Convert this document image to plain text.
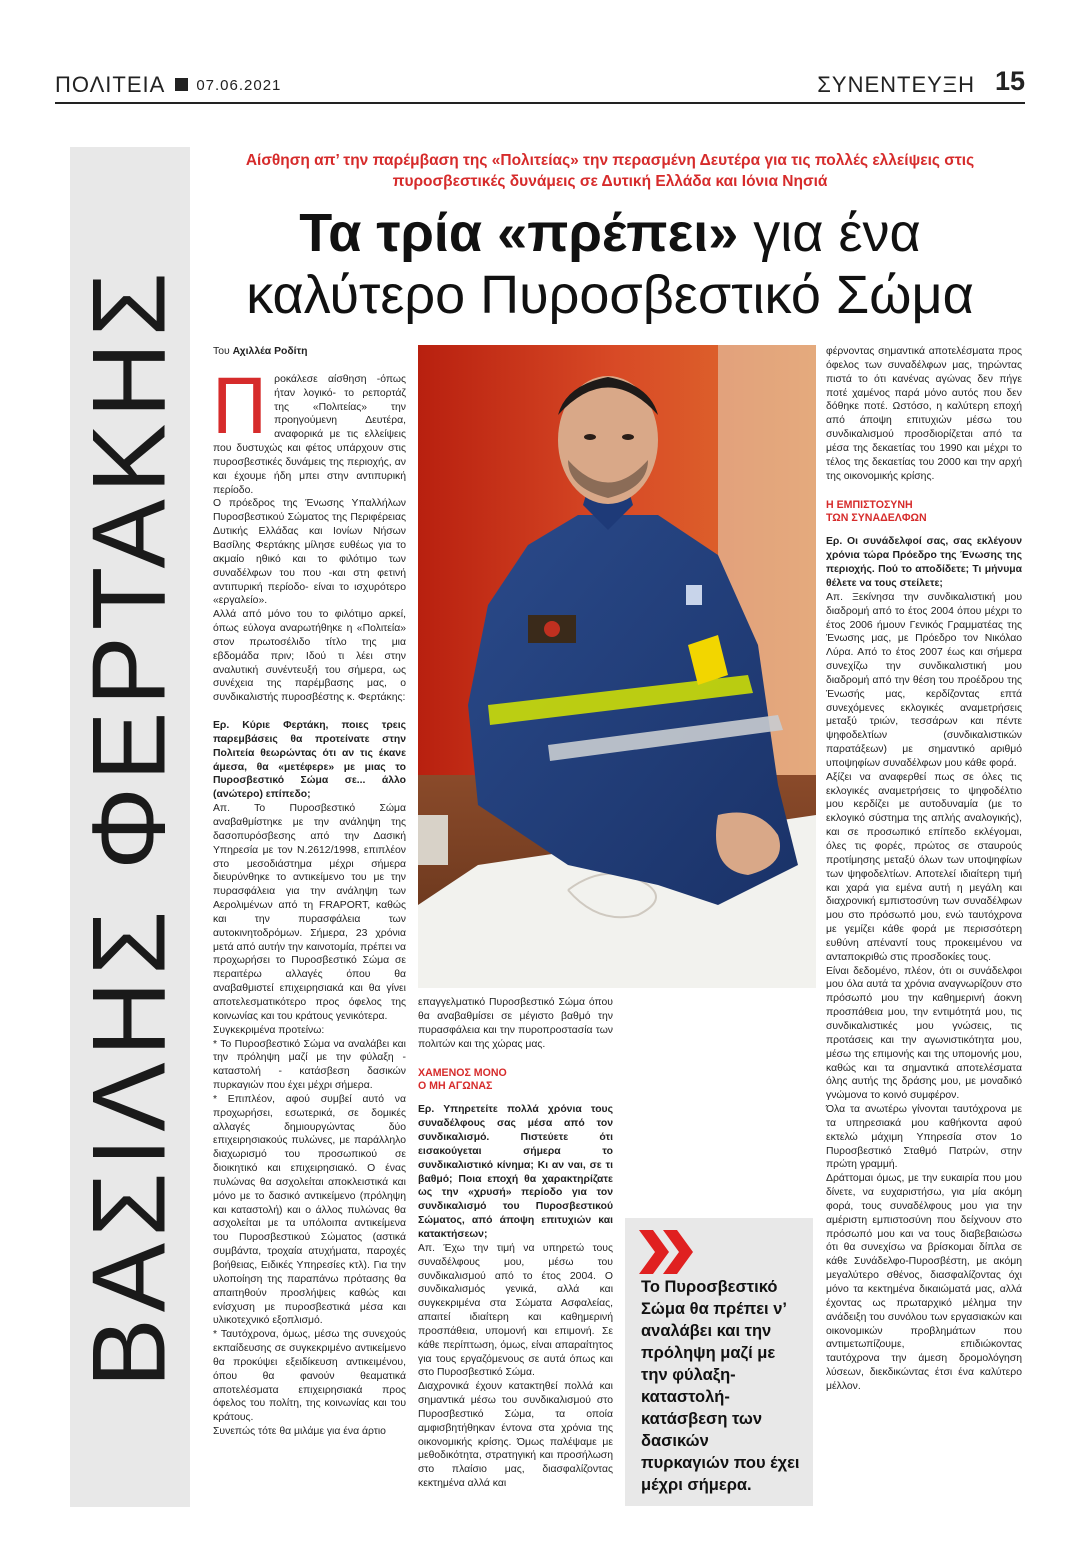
ΠΟΛΙΤΕΙΑ 07.06.2021	ΣΥΝΕΝΤΕΥΞΗ 15
ΒΑΣΙΛΗΣ ΦΕΡΤΑΚΗΣ
Αίσθηση απ’ την παρέμβαση της «Πολιτείας» την περασμένη Δευτέρα για τις πολλές ελλείψεις στις
πυροσβεστικές δυνάμεις σε Δυτική Ελλάδα και Ιόνια Νησιά
Τα τρία «πρέπει» για ένα
καλύτερο Πυροσβεστικό Σώμα

Του Αχιλλέα Ροδίτη

Προκάλεσε αίσθηση -όπως ήταν λογικό- το ρεπορτάζ της «Πολιτείας» την προηγούμενη Δευτέρα, αναφορικά με τις ελλείψεις που δυστυχώς και φέτος υπάρχουν στις πυροσβεστικές δυνάμεις της περιοχής, αν και έχουμε ήδη μπει στην αντιπυρική περίοδο.

Ο πρόεδρος της Ένωσης Υπαλλήλων Πυροσβεστικού Σώματος της Περιφέρειας Δυτικής Ελλάδας και Ιονίων Νήσων Βασίλης Φερτάκης μίλησε ευθέως για το ακμαίο ηθικό και το φιλότιμο των συναδέλφων του που -και στη φετινή αντιπυρική περίοδο- είναι το ισχυρότερο «εργαλείο».

Αλλά από μόνο του το φιλότιμο αρκεί, όπως εύλογα αναρωτήθηκε η «Πολιτεία» στον πρωτοσέλιδο τίτλο της μια εβδομάδα πριν; Ιδού τι λέει στην αναλυτική συνέντευξή του σήμερα, ως συνέχεια της παρέμβασης μας, ο συνδικαλιστής πυροσβέστης κ. Φερτάκης:

Ερ. Κύριε Φερτάκη, ποιες τρεις παρεμβάσεις θα προτείνατε στην Πολιτεία θεωρώντας ότι αν τις έκανε άμεσα, θα «μετέφερε» με μιας το Πυροσβεστικό Σώμα σε... άλλο (ανώτερο) επίπεδο;

Απ. Το Πυροσβεστικό Σώμα αναβαθμίστηκε με την ανάληψη της δασοπυρόσβεσης από την Δασική Υπηρεσία με τον Ν.2612/1998, επιπλέον στο μεσοδιάστημα μέχρι σήμερα διευρύνθηκε το αντικείμενο του με την πυρασφάλεια για την ανάληψη των Αερολιμένων από τη FRAPORT, καθώς και την πυρασφάλεια των αυτοκινητοδρόμων. Σήμερα, 23 χρόνια μετά από αυτήν την καινοτομία, πρέπει να προχωρήσει το Πυροσβεστικό Σώμα σε περαιτέρω αλλαγές όπου θα αναβαθμιστεί επιχειρησιακά και θα γίνει αποτελεσματικότερο προς όφελος της κοινωνίας και του κράτους γενικότερα.

Συγκεκριμένα προτείνω:

* Το Πυροσβεστικό Σώμα να αναλάβει και την πρόληψη μαζί με την φύλαξη - καταστολή - κατάσβεση δασικών πυρκαγιών που έχει μέχρι σήμερα.

* Επιπλέον, αφού συμβεί αυτό να προχωρήσει, εσωτερικά, σε δομικές αλλαγές δημιουργώντας δύο επιχειρησιακούς πυλώνες, με παράλληλο διαχωρισμό του προσωπικού σε διοικητικό και επιχειρησιακό. Ο ένας πυλώνας θα ασχολείται αποκλειστικά και μόνο με το δασικό αντικείμενο (πρόληψη και καταστολή) και ο άλλος πυλώνας θα ασχολείται με τα υπόλοιπα αντικείμενα του Πυροσβεστικού Σώματος (αστικά συμβάντα, τροχαία ατυχήματα, παροχές βοήθειας, Ειδικές Υπηρεσίες κτλ). Για την υλοποίηση της παραπάνω πρότασης θα απαιτηθούν προσλήψεις καθώς και ενίσχυση με πυροσβεστικά μέσα και υλικοτεχνικό εξοπλισμό.

* Ταυτόχρονα, όμως, μέσω της συνεχούς εκπαίδευσης σε συγκεκριμένο αντικείμενο θα προκύψει εξειδίκευση αντικειμένου, όπου θα φανούν θεαματικά αποτελέσματα επιχειρησιακά προς όφελος του πολίτη, της κοινωνίας και του κράτους.

Συνεπώς τότε θα μιλάμε για ένα άρτιο

επαγγελματικό Πυροσβεστικό Σώμα όπου θα αναβαθμίσει σε μέγιστο βαθμό την πυρασφάλεια και την πυροπροστασία των πολιτών και της χώρας μας.

ΧΑΜΕΝΟΣ ΜΟΝΟ
Ο ΜΗ ΑΓΩΝΑΣ

Ερ. Υπηρετείτε πολλά χρόνια τους συναδέλφους σας μέσα από τον συνδικαλισμό. Πιστεύετε ότι εισακούγεται σήμερα το συνδικαλιστικό κίνημα; Κι αν ναι, σε τι βαθμό; Ποια εποχή θα χαρακτηρίζατε ως την «χρυσή» περίοδο για τον συνδικαλισμό του Πυροσβεστικού Σώματος, από άποψη επιτυχιών και κατακτήσεων;

Απ. Έχω την τιμή να υπηρετώ τους συναδέλφους μου, μέσω του συνδικαλισμού από το έτος 2004. Ο συνδικαλισμός γενικά, αλλά και συγκεκριμένα στα Σώματα Ασφαλείας, απαιτεί ιδιαίτερη και καθημερινή προσπάθεια, υπομονή και επιμονή. Σε κάθε περίπτωση, όμως, είναι απαραίτητος για τους εργαζόμενους σε αυτά όπως και στο Πυροσβεστικό Σώμα.

Διαχρονικά έχουν κατακτηθεί πολλά και σημαντικά μέσω του συνδικαλισμού στο Πυροσβεστικό Σώμα, τα οποία αμφισβητήθηκαν έντονα στα χρόνια της οικονομικής κρίσης. Όμως παλέψαμε με μεθοδικότητα, στρατηγική και προσήλωση στο πλαίσιο μας, διασφαλίζοντας κεκτημένα αλλά και

φέρνοντας σημαντικά αποτελέσματα προς όφελος των συναδέλφων μας, τηρώντας πιστά το ότι κανένας αγώνας δεν πήγε ποτέ χαμένος παρά μόνο αυτός που δεν δόθηκε ποτέ. Ωστόσο, η καλύτερη εποχή από άποψη επιτυχιών μέσω του συνδικαλισμού προσδιορίζεται από τα μέσα της δεκαετίας του 1990 και μέχρι το τέλος της δεκαετίας του 2000 και την αρχή της οικονομικής κρίσης.

Η ΕΜΠΙΣΤΟΣΥΝΗ
ΤΩΝ ΣΥΝΑΔΕΛΦΩΝ

Ερ. Οι συνάδελφοί σας, σας εκλέγουν χρόνια τώρα Πρόεδρο της Ένωσης της περιοχής. Πού το αποδίδετε; Τι μήνυμα θέλετε να τους στείλετε;

Απ. Ξεκίνησα την συνδικαλιστική μου διαδρομή από το έτος 2004 όπου μέχρι το έτος 2006 ήμουν Γενικός Γραμματέας της Ένωσης μας, με Πρόεδρο τον Νικόλαο Λύρα. Από το έτος 2007 έως και σήμερα συνεχίζω την συνδικαλιστική μου διαδρομή από την θέση του προέδρου της Ένωσής μας, κερδίζοντας επτά συνεχόμενες εκλογικές αναμετρήσεις μεταξύ τριών, τεσσάρων και πέντε ψηφοδελτίων (συνδικαλιστικών παρατάξεων) με σημαντικό αριθμό υποψηφίων συναδέλφων μου κάθε φορά.

Αξίζει να αναφερθεί πως σε όλες τις εκλογικές αναμετρήσεις το ψηφοδέλτιο μου κερδίζει με αυτοδυναμία (με το εκλογικό σύστημα της απλής αναλογικής), και σε προσωπικό επίπεδο εκλέγομαι, όλες τις φορές, πρώτος σε σταυρούς προτίμησης μεταξύ όλων των υποψηφίων των ψηφοδελτίων. Αποτελεί ιδιαίτερη τιμή και χαρά για εμένα αυτή η μεγάλη και διαχρονική εμπιστοσύνη των συναδέλφων μου στο πρόσωπό μου, ενώ ταυτόχρονα με γεμίζει κάθε φορά με περισσότερη ευθύνη απέναντί τους προκειμένου να ανταποκριθώ στις προσδοκίες τους.

Είναι δεδομένο, πλέον, ότι οι συνάδελφοι μου όλα αυτά τα χρόνια αναγνωρίζουν στο πρόσωπό μου την καθημερινή άοκνη προσπάθεια μου, την εντιμότητά μου, τις συνδικαλιστικές μου γνώσεις, τις προτάσεις και την αγωνιστικότητα μου, μέσω της επιμονής και της υπομονής μου, καθώς και τα σημαντικά αποτελέσματα όλης αυτής της δράσης μου, με μοναδικό γνώμονα το κοινό συμφέρον.

Όλα τα ανωτέρω γίνονται ταυτόχρονα με τα υπηρεσιακά μου καθήκοντα αφού εκτελώ μάχιμη Υπηρεσία στον 1ο Πυροσβεστικό Σταθμό Πατρών, στην πρώτη γραμμή.

Δράττομαι όμως, με την ευκαιρία που μου δίνετε, να ευχαριστήσω, για μία ακόμη φορά, τους συναδέλφους μου για την αμέριστη εμπιστοσύνη που δείχνουν στο πρόσωπό μου και να τους διαβεβαιώσω ότι θα συνεχίσω να βρίσκομαι δίπλα σε κάθε Συνάδελφο-Πυροσβέστη, με ακόμη μεγαλύτερο σθένος, διασφαλίζοντας όχι μόνο τα κεκτημένα δικαιώματά μας, αλλά έχοντας ως πρωταρχικό μέλημα την ανάδειξη του συνόλου των εργασιακών και οικονομικών προβλημάτων που αντιμετωπίζουμε, επιδιώκοντας ταυτόχρονα την άμεση δρομολόγηση λύσεων, διεκδικώντας έτσι ένα καλύτερο μέλλον.

Το Πυροσβεστικό Σώμα θα πρέπει ν’ αναλάβει και την πρόληψη μαζί με την φύλαξη-καταστολή-κατάσβεση των δασικών πυρκαγιών που έχει μέχρι σήμερα.
